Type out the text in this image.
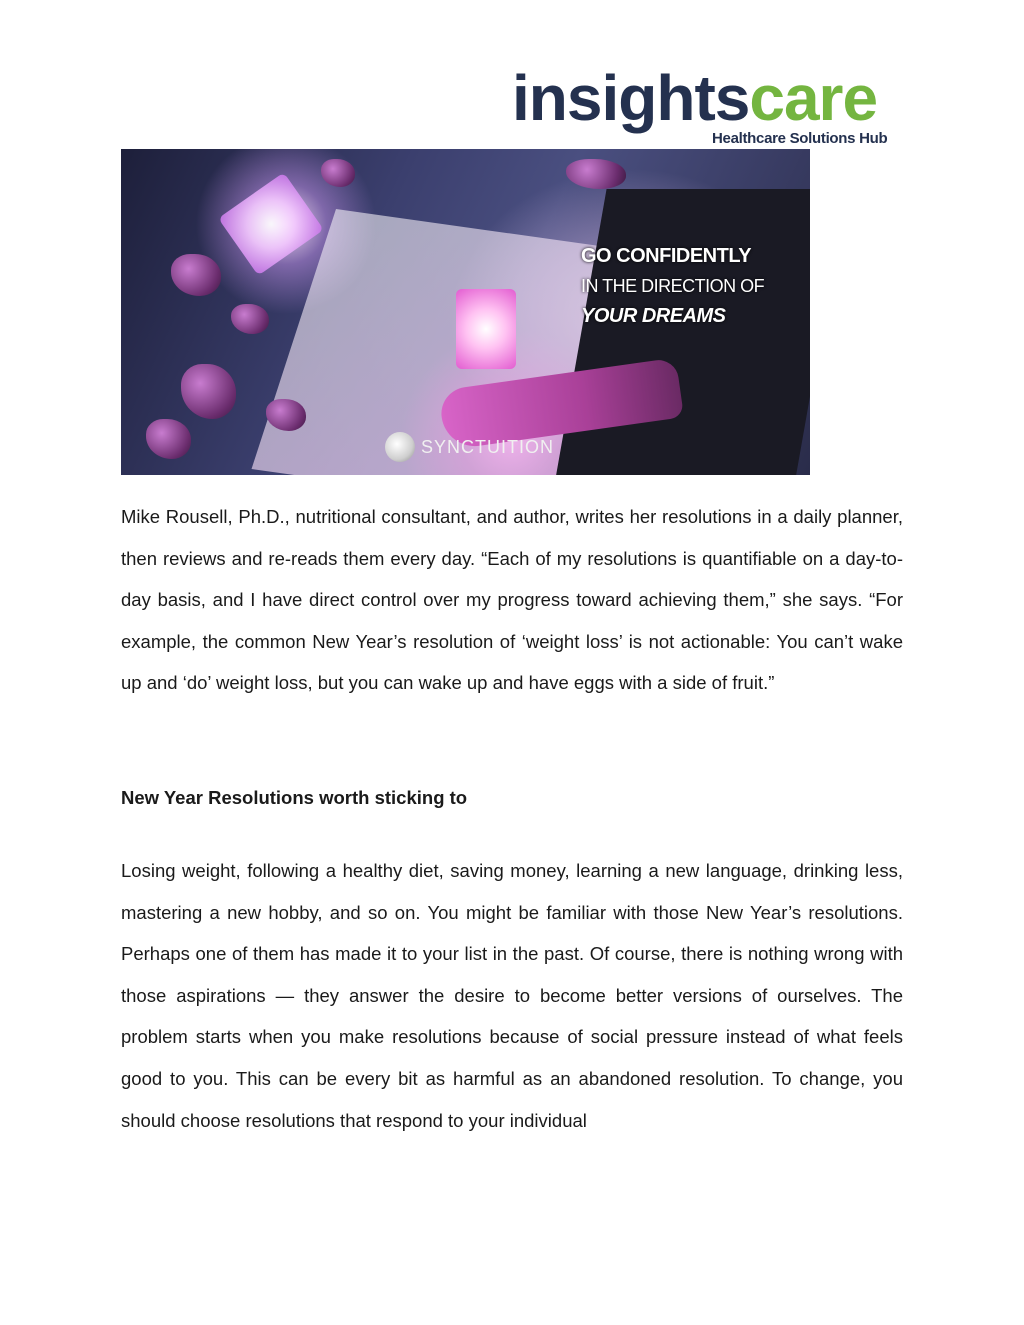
insightscare
Healthcare Solutions Hub
GO CONFIDENTLY
IN THE DIRECTION OF
YOUR DREAMS
SYNCTUITION

Mike Rousell, Ph.D., nutritional consultant, and author, writes her resolutions in a daily planner, then reviews and re-reads them every day. “Each of my resolutions is quantifiable on a day-to-day basis, and I have direct control over my progress toward achieving them,” she says. “For example, the common New Year’s resolution of ‘weight loss’ is not actionable: You can’t wake up and ‘do’ weight loss, but you can wake up and have eggs with a side of fruit.”

New Year Resolutions worth sticking to

Losing weight, following a healthy diet, saving money, learning a new language, drinking less, mastering a new hobby, and so on. You might be familiar with those New Year’s resolutions. Perhaps one of them has made it to your list in the past. Of course, there is nothing wrong with those aspirations — they answer the desire to become better versions of ourselves. The problem starts when you make resolutions because of social pressure instead of what feels good to you. This can be every bit as harmful as an abandoned resolution. To change, you should choose resolutions that respond to your individual
